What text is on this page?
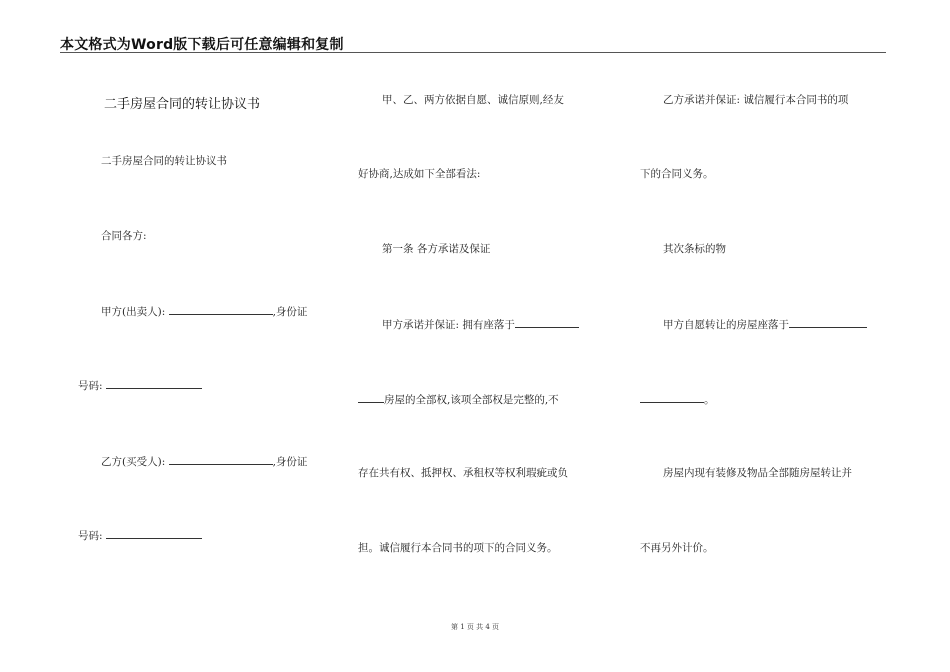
本文格式为Word版下载后可任意编辑和复制
二手房屋合同的转让协议书
二手房屋合同的转让协议书
合同各方:
甲方(出卖人):	,身份证
号码:
乙方(买受人):	,身份证
号码:
甲、乙、两方依据自愿、诚信原则,经友
好协商,达成如下全部看法:
第一条 各方承诺及保证
甲方承诺并保证: 拥有座落于
房屋的全部权,该项全部权是完整的,不
存在共有权、抵押权、承租权等权利瑕疵或负
担。诚信履行本合同书的项下的合同义务。
乙方承诺并保证: 诚信履行本合同书的项
下的合同义务。
其次条标的物
甲方自愿转让的房屋座落于
。
房屋内现有装修及物品全部随房屋转让并
不再另外计价。
第 1 页 共 4 页
